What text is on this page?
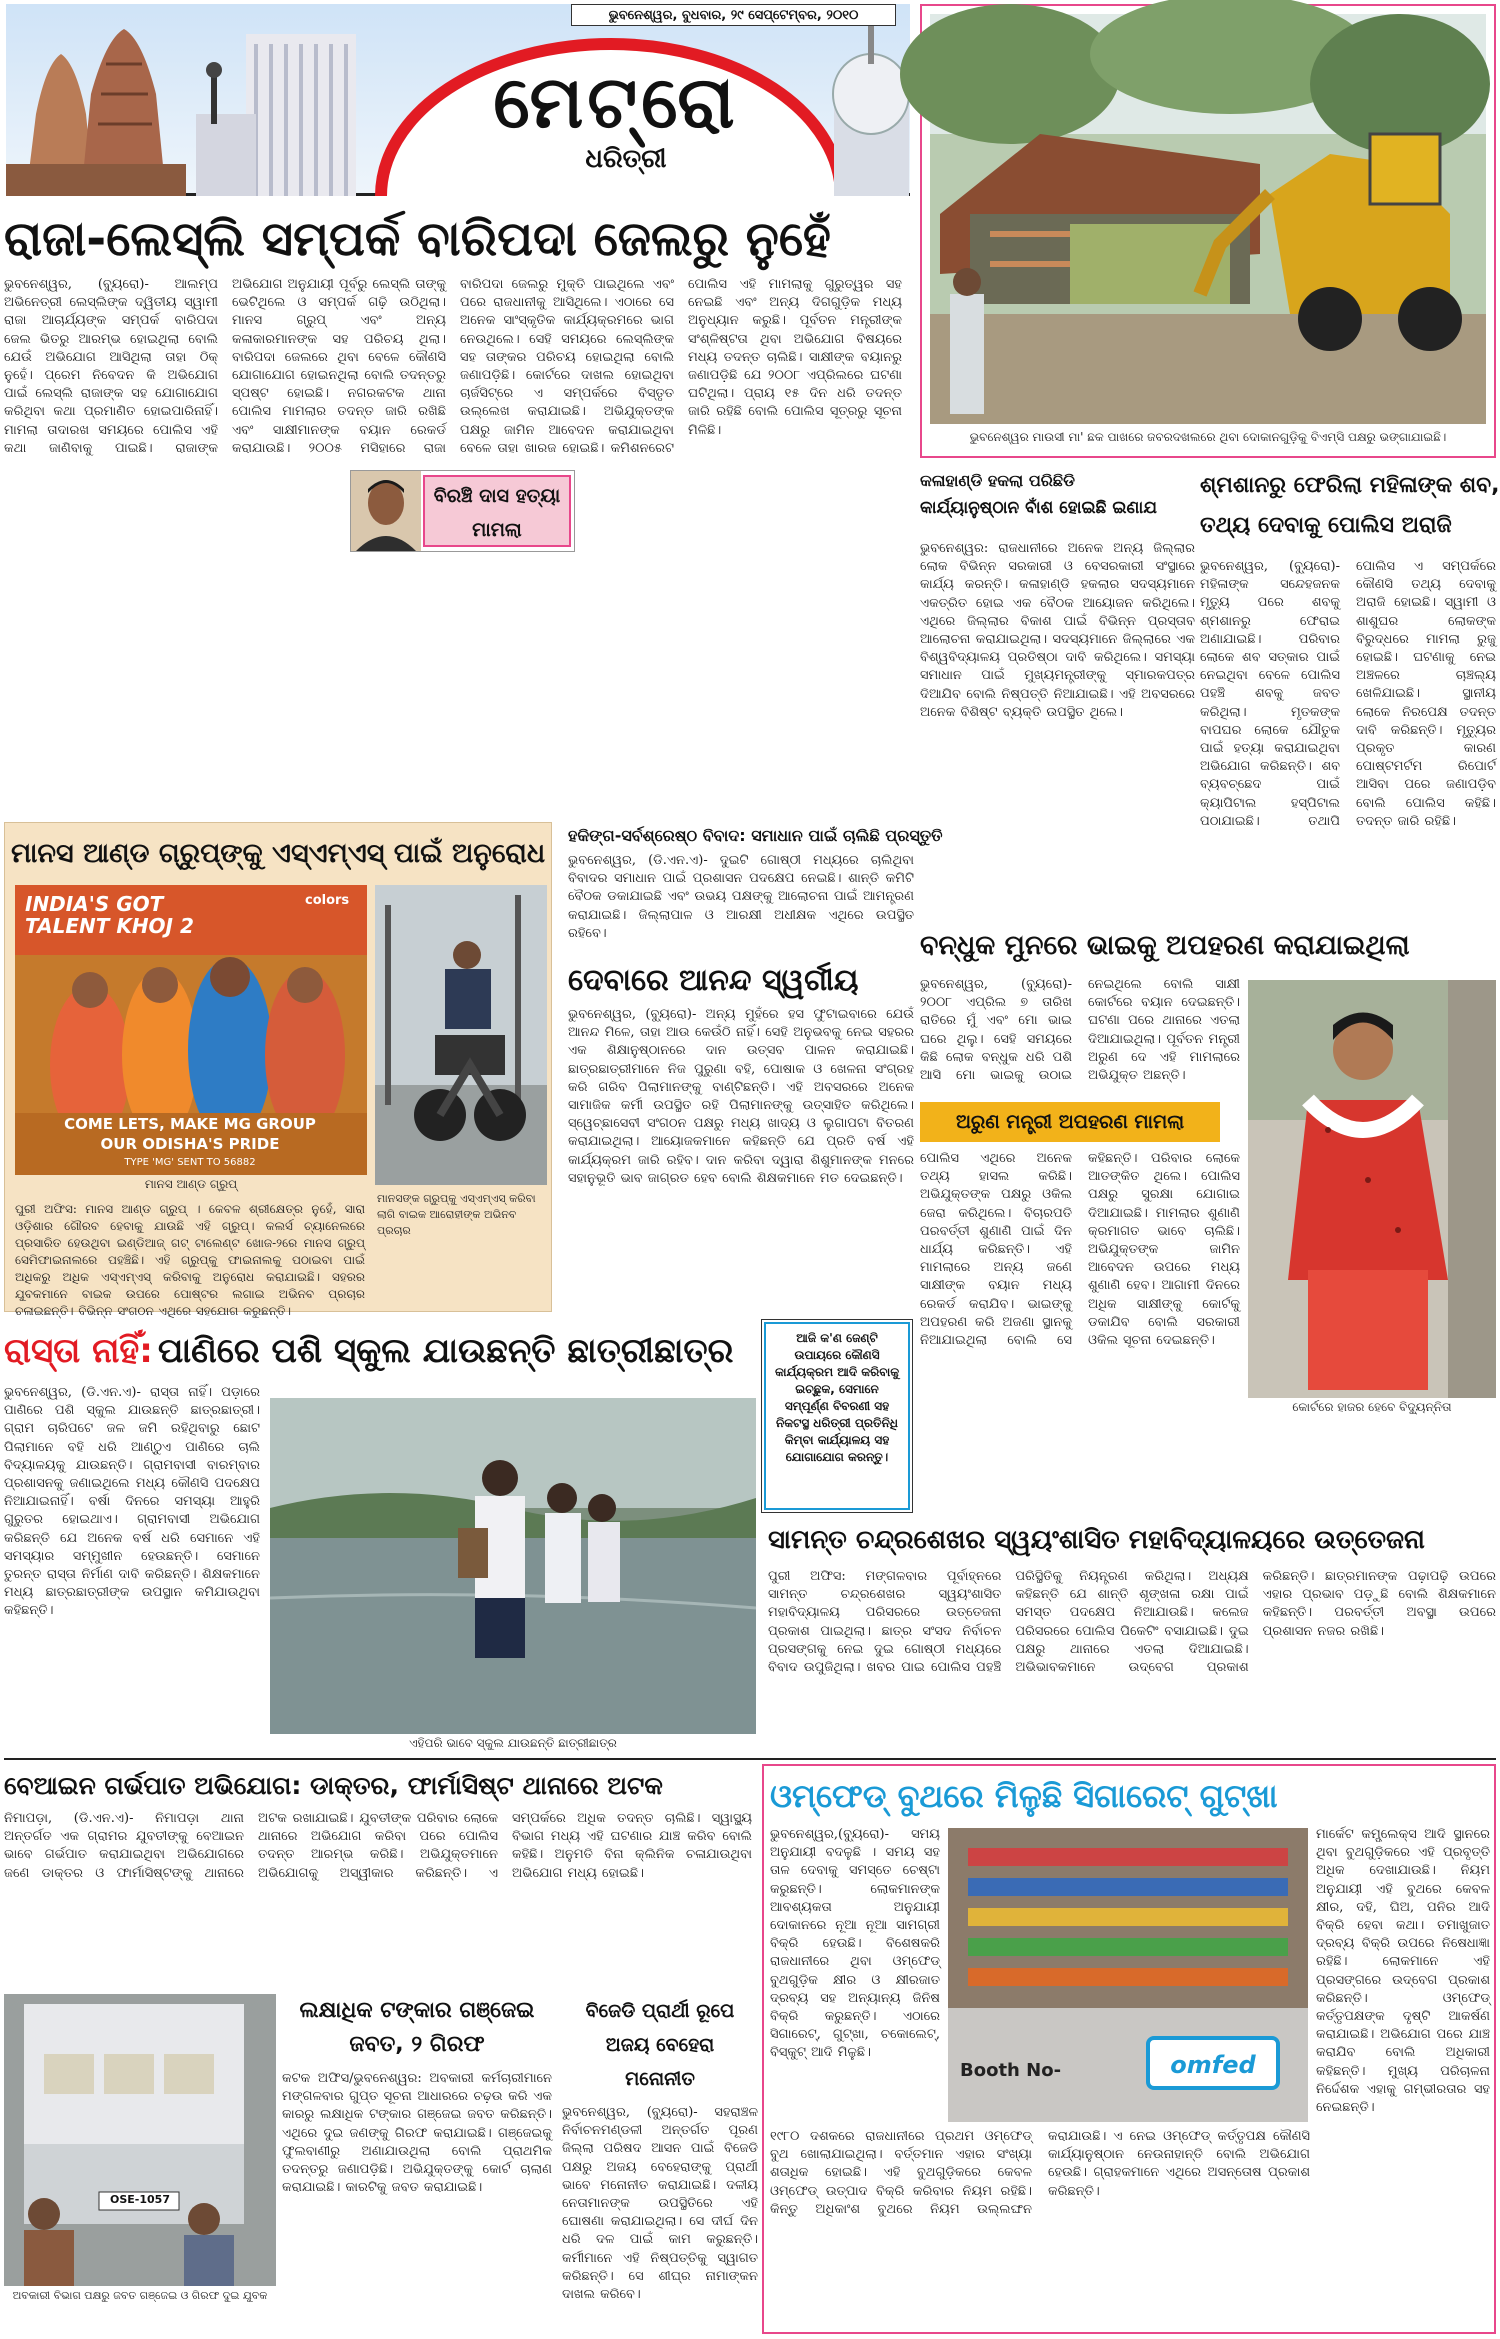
ଭୁବନେଶ୍ୱର, ବୁଧବାର, ୨୯ ସେପ୍ଟେମ୍ବର, ୨୦୧୦
ମେଟ୍ରୋ
ଧରିତ୍ରୀ
ରାଜା-ଲେସ୍‌ଲି ସମ୍ପର୍କ ବାରିପଦା ଜେଲରୁ ନୁହେଁ
ଭୁବନେଶ୍ୱର, (ବ୍ୟୁରୋ)- ଆଲମ୍ପ ଅଭିନେତ୍ରୀ ଲେସ୍‌ଲିଙ୍କ ଦ୍ୱିତୀୟ ସ୍ୱାମୀ ରାଜା ଆଚାର୍ଯ୍ୟଙ୍କ ସମ୍ପର୍କ ବାରିପଦା ଜେଲ ଭିତରୁ ଆରମ୍ଭ ହୋଇଥିଲା ବୋଲି ଯେଉଁ ଅଭିଯୋଗ ଆସିଥିଲା ତାହା ଠିକ୍ ନୁହେଁ। ପ୍ରେମ ନିବେଦନ କି ଅଭିଯୋଗ ପାଇଁ ଲେସ୍‌ଲି ରାଜାଙ୍କ ସହ ଯୋଗାଯୋଗ କରିଥିବା କଥା ପ୍ରମାଣିତ ହୋଇପାରିନାହିଁ। ମାମଲା ତାଦାରଖ ସମୟରେ ପୋଲିସ ଏହି କଥା ଜାଣିବାକୁ ପାଇଛି। ରାଜାଙ୍କ ଅଭିଯୋଗ ଅନୁଯାୟୀ ପୂର୍ବରୁ ଲେସ୍‌ଲି ତାଙ୍କୁ ଭେଟିଥିଲେ ଓ ସମ୍ପର୍କ ଗଢ଼ି ଉଠିଥିଲା। ମାନସ ଗ୍ରୁପ୍ ଏବଂ ଅନ୍ୟ କଳାକାରମାନଙ୍କ ସହ ପରିଚୟ ଥିଲା। ବାରିପଦା ଜେଲରେ ଥିବା ବେଳେ କୌଣସି ଯୋଗାଯୋଗ ହୋଇନଥିଲା ବୋଲି ତଦନ୍ତରୁ ସ୍ପଷ୍ଟ ହୋଇଛି। ନଗରକଟକ ଥାନା ପୋଲିସ ମାମଲାର ତଦନ୍ତ ଜାରି ରଖିଛି ଏବଂ ସାକ୍ଷୀମାନଙ୍କ ବୟାନ ରେକର୍ଡ କରାଯାଉଛି। ୨୦୦୫ ମସିହାରେ ରାଜା ବାରିପଦା ଜେଲରୁ ମୁକ୍ତି ପାଇଥିଲେ ଏବଂ ପରେ ରାଜଧାନୀକୁ ଆସିଥିଲେ। ଏଠାରେ ସେ ଅନେକ ସାଂସ୍କୃତିକ କାର୍ଯ୍ୟକ୍ରମରେ ଭାଗ ନେଉଥିଲେ। ସେହି ସମୟରେ ଲେସ୍‌ଲିଙ୍କ ସହ ତାଙ୍କର ପରିଚୟ ହୋଇଥିଲା ବୋଲି ଜଣାପଡ଼ିଛି। କୋର୍ଟରେ ଦାଖଲ ହୋଇଥିବା ଚାର୍ଜସିଟ୍‌ରେ ଏ ସମ୍ପର୍କରେ ବିସ୍ତୃତ ଉଲ୍ଲେଖ କରାଯାଇଛି। ଅଭିଯୁକ୍ତଙ୍କ ପକ୍ଷରୁ ଜାମିନ ଆବେଦନ କରାଯାଇଥିବା ବେଳେ ତାହା ଖାରଜ ହୋଇଛି। କମିଶନରେଟ ପୋଲିସ ଏହି ମାମଲାକୁ ଗୁରୁତ୍ୱର ସହ ନେଇଛି ଏବଂ ଅନ୍ୟ ଦିଗଗୁଡ଼ିକ ମଧ୍ୟ ଅନୁଧ୍ୟାନ କରୁଛି। ପୂର୍ବତନ ମନ୍ତ୍ରୀଙ୍କ ସଂଶ୍ଳିଷ୍ଟତା ଥିବା ଅଭିଯୋଗ ବିଷୟରେ ମଧ୍ୟ ତଦନ୍ତ ଚାଲିଛି। ସାକ୍ଷୀଙ୍କ ବୟାନରୁ ଜଣାପଡ଼ିଛି ଯେ ୨୦୦୮ ଏପ୍ରିଲରେ ଘଟଣା ଘଟିଥିଲା। ପ୍ରାୟ ୧୫ ଦିନ ଧରି ତଦନ୍ତ ଜାରି ରହିଛି ବୋଲି ପୋଲିସ ସୂତ୍ରରୁ ସୂଚନା ମିଳିଛି।
ବିରଞ୍ଚି ଦାସ ହତ୍ୟା ମାମଲା
ଭୁବନେଶ୍ୱର ମାଉସୀ ମା' ଛକ ପାଖରେ ଜବରଦଖଲରେ ଥିବା ଦୋକାନଗୁଡ଼ିକୁ ବିଏମ୍‌ସି ପକ୍ଷରୁ ଭଙ୍ଗାଯାଇଛି।
କଳାହାଣ୍ଡି ହକଲା ପରିଛିଡି
କାର୍ଯ୍ୟାନୁଷ୍ଠାନ ବାଁଶ ହୋଇଛି ଇଣାଯ
ଭୁବନେଶ୍ୱର: ରାଜଧାନୀରେ ଅନେକ ଅନ୍ୟ ଜିଲ୍ଲାର ଲୋକ ବିଭିନ୍ନ ସରକାରୀ ଓ ବେସରକାରୀ ସଂସ୍ଥାରେ କାର୍ଯ୍ୟ କରନ୍ତି। କଳାହାଣ୍ଡି ହକଲାର ସଦସ୍ୟମାନେ ଏକତ୍ରିତ ହୋଇ ଏକ ବୈଠକ ଆୟୋଜନ କରିଥିଲେ। ଏଥିରେ ଜିଲ୍ଲାର ବିକାଶ ପାଇଁ ବିଭିନ୍ନ ପ୍ରସ୍ତାବ ଆଲୋଚନା କରାଯାଇଥିଲା। ସଦସ୍ୟମାନେ ଜିଲ୍ଲାରେ ଏକ ବିଶ୍ୱବିଦ୍ୟାଳୟ ପ୍ରତିଷ୍ଠା ଦାବି କରିଥିଲେ। ସମସ୍ୟା ସମାଧାନ ପାଇଁ ମୁଖ୍ୟମନ୍ତ୍ରୀଙ୍କୁ ସ୍ମାରକପତ୍ର ଦିଆଯିବ ବୋଲି ନିଷ୍ପତ୍ତି ନିଆଯାଇଛି। ଏହି ଅବସରରେ ଅନେକ ବିଶିଷ୍ଟ ବ୍ୟକ୍ତି ଉପସ୍ଥିତ ଥିଲେ।
ଶ୍ମଶାନରୁ ଫେରିଲା ମହିଳାଙ୍କ ଶବ,
ତଥ୍ୟ ଦେବାକୁ ପୋଲିସ ଅରାଜି
ଭୁବନେଶ୍ୱର, (ବ୍ୟୁରୋ)- ମହିଳାଙ୍କ ସନ୍ଦେହଜନକ ମୃତ୍ୟୁ ପରେ ଶବକୁ ଶ୍ମଶାନରୁ ଫେରାଇ ଅଣାଯାଇଛି। ପରିବାର ଲୋକେ ଶବ ସତ୍କାର ପାଇଁ ନେଇଥିବା ବେଳେ ପୋଲିସ ପହଞ୍ଚି ଶବକୁ ଜବତ କରିଥିଲା। ମୃତକଙ୍କ ବାପଘର ଲୋକେ ଯୌତୁକ ପାଇଁ ହତ୍ୟା କରାଯାଇଥିବା ଅଭିଯୋଗ କରିଛନ୍ତି। ଶବ ବ୍ୟବଚ୍ଛେଦ ପାଇଁ କ୍ୟାପିଟାଲ ହସ୍ପିଟାଲ ପଠାଯାଇଛି। ତଥାପି ପୋଲିସ ଏ ସମ୍ପର୍କରେ କୌଣସି ତଥ୍ୟ ଦେବାକୁ ଅରାଜି ହୋଇଛି। ସ୍ୱାମୀ ଓ ଶାଶୁଘର ଲୋକଙ୍କ ବିରୁଦ୍ଧରେ ମାମଲା ରୁଜୁ ହୋଇଛି। ଘଟଣାକୁ ନେଇ ଅଞ୍ଚଳରେ ଚାଞ୍ଚଲ୍ୟ ଖେଳିଯାଇଛି। ସ୍ଥାନୀୟ ଲୋକେ ନିରପେକ୍ଷ ତଦନ୍ତ ଦାବି କରିଛନ୍ତି। ମୃତ୍ୟୁର ପ୍ରକୃତ କାରଣ ପୋଷ୍ଟମର୍ଟମ ରିପୋର୍ଟ ଆସିବା ପରେ ଜଣାପଡ଼ିବ ବୋଲି ପୋଲିସ କହିଛି। ତଦନ୍ତ ଜାରି ରହିଛି।
ମାନସ ଆଣ୍ଡ ଗ୍ରୁପ୍‌ଙ୍କୁ ଏସ୍‌ଏମ୍‌ଏସ୍ ପାଇଁ ଅନୁରୋଧ
INDIA'S GOT TALENT KHOJ 2
colors
COME LETS, MAKE MG GROUP
OUR ODISHA'S PRIDE
TYPE 'MG' SENT TO 56882
ମାନସ ଆଣ୍ଡ ଗ୍ରୁପ୍
ପୁରୀ ଅଫିସ: ମାନସ ଆଣ୍ଡ ଗ୍ରୁପ୍ । କେବଳ ଶ୍ରୀକ୍ଷେତ୍ର ନୁହେଁ, ସାରା ଓଡ଼ିଶାର ଗୌରବ ହେବାକୁ ଯାଉଛି ଏହି ଗ୍ରୁପ୍। କଲର୍ସ ଚ୍ୟାନେଲରେ ପ୍ରସାରିତ ହେଉଥିବା ଇଣ୍ଡିଆଜ୍ ଗଟ୍ ଟାଲେଣ୍ଟ ଖୋଜ-୨ରେ ମାନସ ଗ୍ରୁପ୍ ସେମିଫାଇନାଲରେ ପହଞ୍ଚିଛି। ଏହି ଗ୍ରୁପ୍‌କୁ ଫାଇନାଲକୁ ପଠାଇବା ପାଇଁ ଅଧିକରୁ ଅଧିକ ଏସ୍‌ଏମ୍‌ଏସ୍ କରିବାକୁ ଅନୁରୋଧ କରାଯାଇଛି। ସହରର ଯୁବକମାନେ ବାଇକ ଉପରେ ପୋଷ୍ଟର ଲଗାଇ ଅଭିନବ ପ୍ରଚାର ଚଳାଇଛନ୍ତି। ବିଭିନ୍ନ ସଂଗଠନ ଏଥିରେ ସହଯୋଗ କରୁଛନ୍ତି।
ମାନସଙ୍କ ଗ୍ରୁପ୍‌କୁ ଏସ୍‌ଏମ୍‌ଏସ୍ କରିବା ଲାଗି ବାଇକ ଆରୋହୀଙ୍କ ଅଭିନବ ପ୍ରଚାର
ହକିଙ୍ଗ-ସର୍ବଶ୍ରେଷ୍ଠ ବିବାଦ: ସମାଧାନ ପାଇଁ ଚାଲିଛି ପ୍ରସ୍ତୁତି
ଭୁବନେଶ୍ୱର, (ଡି.ଏନ.ଏ)- ଦୁଇଟି ଗୋଷ୍ଠୀ ମଧ୍ୟରେ ଚାଲିଥିବା ବିବାଦର ସମାଧାନ ପାଇଁ ପ୍ରଶାସନ ପଦକ୍ଷେପ ନେଇଛି। ଶାନ୍ତି କମିଟି ବୈଠକ ଡକାଯାଇଛି ଏବଂ ଉଭୟ ପକ୍ଷଙ୍କୁ ଆଲୋଚନା ପାଇଁ ଆମନ୍ତ୍ରଣ କରାଯାଇଛି। ଜିଲ୍ଲାପାଳ ଓ ଆରକ୍ଷୀ ଅଧୀକ୍ଷକ ଏଥିରେ ଉପସ୍ଥିତ ରହିବେ।
ଦେବାରେ ଆନନ୍ଦ ସ୍ୱର୍ଗୀୟ
ଭୁବନେଶ୍ୱର, (ବ୍ୟୁରୋ)- ଅନ୍ୟ ମୁହଁରେ ହସ ଫୁଟାଇବାରେ ଯେଉଁ ଆନନ୍ଦ ମିଳେ, ତାହା ଆଉ କେଉଁଠି ନାହିଁ। ସେହି ଅନୁଭବକୁ ନେଇ ସହରର ଏକ ଶିକ୍ଷାନୁଷ୍ଠାନରେ ଦାନ ଉତ୍ସବ ପାଳନ କରାଯାଇଛି। ଛାତ୍ରଛାତ୍ରୀମାନେ ନିଜ ପୁରୁଣା ବହି, ପୋଷାକ ଓ ଖେଳନା ସଂଗ୍ରହ କରି ଗରିବ ପିଲାମାନଙ୍କୁ ବାଣ୍ଟିଛନ୍ତି। ଏହି ଅବସରରେ ଅନେକ ସାମାଜିକ କର୍ମୀ ଉପସ୍ଥିତ ରହି ପିଲାମାନଙ୍କୁ ଉତ୍ସାହିତ କରିଥିଲେ। ସ୍ୱେଚ୍ଛାସେବୀ ସଂଗଠନ ପକ୍ଷରୁ ମଧ୍ୟ ଖାଦ୍ୟ ଓ ଲୁଗାପଟା ବିତରଣ କରାଯାଇଥିଲା। ଆୟୋଜକମାନେ କହିଛନ୍ତି ଯେ ପ୍ରତି ବର୍ଷ ଏହି କାର୍ଯ୍ୟକ୍ରମ ଜାରି ରହିବ। ଦାନ କରିବା ଦ୍ୱାରା ଶିଶୁମାନଙ୍କ ମନରେ ସହାନୁଭୂତି ଭାବ ଜାଗ୍ରତ ହେବ ବୋଲି ଶିକ୍ଷକମାନେ ମତ ଦେଇଛନ୍ତି।
ବନ୍ଧୁକ ମୁନରେ ଭାଇକୁ ଅପହରଣ କରାଯାଇଥିଲା
ଭୁବନେଶ୍ୱର, (ବ୍ୟୁରୋ)- ୨୦୦୮ ଏପ୍ରିଲ ୭ ତାରିଖ ରାତିରେ ମୁଁ ଏବଂ ମୋ ଭାଇ ଘରେ ଥିଲୁ। ସେହି ସମୟରେ କିଛି ଲୋକ ବନ୍ଧୁକ ଧରି ପଶି ଆସି ମୋ ଭାଇକୁ ଉଠାଇ ନେଇଥିଲେ ବୋଲି ସାକ୍ଷୀ କୋର୍ଟରେ ବୟାନ ଦେଇଛନ୍ତି। ଘଟଣା ପରେ ଥାନାରେ ଏତଲା ଦିଆଯାଇଥିଲା। ପୂର୍ବତନ ମନ୍ତ୍ରୀ ଅରୁଣ ଦେ ଏହି ମାମଲାରେ ଅଭିଯୁକ୍ତ ଅଛନ୍ତି।
ଅରୁଣ ମନ୍ତ୍ରୀ ଅପହରଣ ମାମଲା
ପୋଲିସ ଏଥିରେ ଅନେକ ତଥ୍ୟ ହାସଲ କରିଛି। ଅଭିଯୁକ୍ତଙ୍କ ପକ୍ଷରୁ ଓକିଲ ଜେରା କରିଥିଲେ। ବିଚାରପତି ପରବର୍ତ୍ତୀ ଶୁଣାଣି ପାଇଁ ଦିନ ଧାର୍ଯ୍ୟ କରିଛନ୍ତି। ଏହି ମାମଲାରେ ଅନ୍ୟ ଜଣେ ସାକ୍ଷୀଙ୍କ ବୟାନ ମଧ୍ୟ ରେକର୍ଡ କରାଯିବ। ଭାଇଙ୍କୁ ଅପହରଣ କରି ଅଜଣା ସ୍ଥାନକୁ ନିଆଯାଇଥିଲା ବୋଲି ସେ କହିଛନ୍ତି। ପରିବାର ଲୋକେ ଆତଙ୍କିତ ଥିଲେ। ପୋଲିସ ପକ୍ଷରୁ ସୁରକ୍ଷା ଯୋଗାଇ ଦିଆଯାଇଛି। ମାମଲାର ଶୁଣାଣି କ୍ରମାଗତ ଭାବେ ଚାଲିଛି। ଅଭିଯୁକ୍ତଙ୍କ ଜାମିନ ଆବେଦନ ଉପରେ ମଧ୍ୟ ଶୁଣାଣି ହେବ। ଆଗାମୀ ଦିନରେ ଅଧିକ ସାକ୍ଷୀଙ୍କୁ କୋର୍ଟକୁ ଡକାଯିବ ବୋଲି ସରକାରୀ ଓକିଲ ସୂଚନା ଦେଇଛନ୍ତି।
କୋର୍ଟରେ ହାଜର ହେବେ ବିଦ୍ୟୁନ୍ନିତା
ଆଜି କ'ଣ ଜେଣ୍ଟି ଉପାୟରେ କୌଣସି କାର୍ଯ୍ୟକ୍ରମ ଆଦି କରିବାକୁ ଇଚ୍ଛୁକ, ସେମାନେ ସମ୍ପୂର୍ଣ୍ଣ ବିବରଣୀ ସହ ନିକଟସ୍ଥ ଧରିତ୍ରୀ ପ୍ରତିନିଧି କିମ୍ବା କାର୍ଯ୍ୟାଳୟ ସହ ଯୋଗାଯୋଗ କରନ୍ତୁ।
ରାସ୍ତା ନାହିଁ: ପାଣିରେ ପଶି ସ୍କୁଲ ଯାଉଛନ୍ତି ଛାତ୍ରୀଛାତ୍ର
ଭୁବନେଶ୍ୱର, (ଡି.ଏନ.ଏ)- ରାସ୍ତା ନାହିଁ। ପଡ଼ାରେ ପାଣିରେ ପଶି ସ୍କୁଲ ଯାଉଛନ୍ତି ଛାତ୍ରଛାତ୍ରୀ। ଗ୍ରାମ ଚାରିପଟେ ଜଳ ଜମି ରହିଥିବାରୁ ଛୋଟ ପିଲାମାନେ ବହି ଧରି ଆଣ୍ଠୁଏ ପାଣିରେ ଚାଲି ବିଦ୍ୟାଳୟକୁ ଯାଉଛନ୍ତି। ଗ୍ରାମବାସୀ ବାରମ୍ବାର ପ୍ରଶାସନକୁ ଜଣାଇଥିଲେ ମଧ୍ୟ କୌଣସି ପଦକ୍ଷେପ ନିଆଯାଇନାହିଁ। ବର୍ଷା ଦିନରେ ସମସ୍ୟା ଆହୁରି ଗୁରୁତର ହୋଇଥାଏ। ଗ୍ରାମବାସୀ ଅଭିଯୋଗ କରିଛନ୍ତି ଯେ ଅନେକ ବର୍ଷ ଧରି ସେମାନେ ଏହି ସମସ୍ୟାର ସମ୍ମୁଖୀନ ହେଉଛନ୍ତି। ସେମାନେ ତୁରନ୍ତ ରାସ୍ତା ନିର୍ମାଣ ଦାବି କରିଛନ୍ତି। ଶିକ୍ଷକମାନେ ମଧ୍ୟ ଛାତ୍ରଛାତ୍ରୀଙ୍କ ଉପସ୍ଥାନ କମିଯାଉଥିବା କହିଛନ୍ତି।
ଏହିପରି ଭାବେ ସ୍କୁଲ ଯାଉଛନ୍ତି ଛାତ୍ରୀଛାତ୍ର
ସାମନ୍ତ ଚନ୍ଦ୍ରଶେଖର ସ୍ୱୟଂଶାସିତ ମହାବିଦ୍ୟାଳୟରେ ଉତ୍ତେଜନା
ପୁରୀ ଅଫିସ: ମଙ୍ଗଳବାର ପୂର୍ବାହ୍ନରେ ସାମନ୍ତ ଚନ୍ଦ୍ରଶେଖର ସ୍ୱୟଂଶାସିତ ମହାବିଦ୍ୟାଳୟ ପରିସରରେ ଉତ୍ତେଜନା ପ୍ରକାଶ ପାଇଥିଲା। ଛାତ୍ର ସଂସଦ ନିର୍ବାଚନ ପ୍ରସଙ୍ଗକୁ ନେଇ ଦୁଇ ଗୋଷ୍ଠୀ ମଧ୍ୟରେ ବିବାଦ ଉପୁଜିଥିଲା। ଖବର ପାଇ ପୋଲିସ ପହଞ୍ଚି ପରିସ୍ଥିତିକୁ ନିୟନ୍ତ୍ରଣ କରିଥିଲା। ଅଧ୍ୟକ୍ଷ କହିଛନ୍ତି ଯେ ଶାନ୍ତି ଶୃଙ୍ଖଳା ରକ୍ଷା ପାଇଁ ସମସ୍ତ ପଦକ୍ଷେପ ନିଆଯାଉଛି। କଲେଜ ପରିସରରେ ପୋଲିସ ପିକେଟିଂ ବସାଯାଇଛି। ଦୁଇ ପକ୍ଷରୁ ଥାନାରେ ଏତଲା ଦିଆଯାଇଛି। ଅଭିଭାବକମାନେ ଉଦ୍‌ବେଗ ପ୍ରକାଶ କରିଛନ୍ତି। ଛାତ୍ରମାନଙ୍କ ପଢ଼ାପଢ଼ି ଉପରେ ଏହାର ପ୍ରଭାବ ପଡ଼ୁଛି ବୋଲି ଶିକ୍ଷକମାନେ କହିଛନ୍ତି। ପରବର୍ତ୍ତୀ ଅବସ୍ଥା ଉପରେ ପ୍ରଶାସନ ନଜର ରଖିଛି।
ବେଆଇନ ଗର୍ଭପାତ ଅଭିଯୋଗ: ଡାକ୍ତର, ଫାର୍ମାସିଷ୍ଟ ଥାନାରେ ଅଟକ
ନିମାପଡ଼ା, (ଡି.ଏନ.ଏ)- ନିମାପଡ଼ା ଥାନା ଅନ୍ତର୍ଗତ ଏକ ଗ୍ରାମର ଯୁବତୀଙ୍କୁ ବେଆଇନ ଭାବେ ଗର୍ଭପାତ କରାଯାଇଥିବା ଅଭିଯୋଗରେ ଜଣେ ଡାକ୍ତର ଓ ଫାର୍ମାସିଷ୍ଟଙ୍କୁ ଥାନାରେ ଅଟକ ରଖାଯାଇଛି। ଯୁବତୀଙ୍କ ପରିବାର ଲୋକେ ଥାନାରେ ଅଭିଯୋଗ କରିବା ପରେ ପୋଲିସ ତଦନ୍ତ ଆରମ୍ଭ କରିଛି। ଅଭିଯୁକ୍ତମାନେ ଅଭିଯୋଗକୁ ଅସ୍ୱୀକାର କରିଛନ୍ତି। ଏ ସମ୍ପର୍କରେ ଅଧିକ ତଦନ୍ତ ଚାଲିଛି। ସ୍ୱାସ୍ଥ୍ୟ ବିଭାଗ ମଧ୍ୟ ଏହି ଘଟଣାର ଯାଞ୍ଚ କରିବ ବୋଲି କହିଛି। ଅନୁମତି ବିନା କ୍ଲିନିକ ଚଳାଯାଉଥିବା ଅଭିଯୋଗ ମଧ୍ୟ ହୋଇଛି।
OSE-1057
ଅବକାରୀ ବିଭାଗ ପକ୍ଷରୁ ଜବତ ଗଞ୍ଜେଇ ଓ ଗିରଫ ଦୁଇ ଯୁବକ
ଲକ୍ଷାଧିକ ଟଙ୍କାର ଗଞ୍ଜେଇ
ଜବତ, ୨ ଗିରଫ
କଟକ ଅଫିସ/ଭୁବନେଶ୍ୱର: ଅବକାରୀ କର୍ମଚାରୀମାନେ ମଙ୍ଗଳବାର ଗୁପ୍ତ ସୂଚନା ଆଧାରରେ ଚଢ଼ଉ କରି ଏକ କାରରୁ ଲକ୍ଷାଧିକ ଟଙ୍କାର ଗଞ୍ଜେଇ ଜବତ କରିଛନ୍ତି। ଏଥିରେ ଦୁଇ ଜଣଙ୍କୁ ଗିରଫ କରାଯାଇଛି। ଗଞ୍ଜେଇକୁ ଫୁଲବାଣୀରୁ ଅଣାଯାଉଥିଲା ବୋଲି ପ୍ରାଥମିକ ତଦନ୍ତରୁ ଜଣାପଡ଼ିଛି। ଅଭିଯୁକ୍ତଙ୍କୁ କୋର୍ଟ ଚାଲାଣ କରାଯାଇଛି। କାରଟିକୁ ଜବତ କରାଯାଇଛି।
ବିଜେଡି ପ୍ରାର୍ଥୀ ରୂପେ
ଅଜୟ ବେହେରା
ମନୋନୀତ
ଭୁବନେଶ୍ୱର, (ବ୍ୟୁରୋ)- ସହରାଞ୍ଚଳ ନିର୍ବାଚନମଣ୍ଡଳୀ ଅନ୍ତର୍ଗତ ପୂରଣ ଜିଲ୍ଲା ପରିଷଦ ଆସନ ପାଇଁ ବିଜେଡି ପକ୍ଷରୁ ଅଜୟ ବେହେରାଙ୍କୁ ପ୍ରାର୍ଥୀ ଭାବେ ମନୋନୀତ କରାଯାଇଛି। ଦଳୀୟ ନେତାମାନଙ୍କ ଉପସ୍ଥିତିରେ ଏହି ଘୋଷଣା କରାଯାଇଥିଲା। ସେ ଦୀର୍ଘ ଦିନ ଧରି ଦଳ ପାଇଁ କାମ କରୁଛନ୍ତି। କର୍ମୀମାନେ ଏହି ନିଷ୍ପତ୍ତିକୁ ସ୍ୱାଗତ କରିଛନ୍ତି। ସେ ଶୀଘ୍ର ନାମାଙ୍କନ ଦାଖଲ କରିବେ।
ଓମ୍‌ଫେଡ୍ ବୁଥରେ ମିଳୁଛି ସିଗାରେଟ୍ ଗୁଟ୍‌ଖା
ଭୁବନେଶ୍ୱର,(ବ୍ୟୁରୋ)- ସମୟ ଅନୁଯାୟୀ ବଦଳୁଛି । ସମୟ ସହ ତାଳ ଦେବାକୁ ସମସ୍ତେ ଚେଷ୍ଟା କରୁଛନ୍ତି। ଲୋକମାନଙ୍କ ଆବଶ୍ୟକତା ଅନୁଯାୟୀ ଦୋକାନରେ ନୂଆ ନୂଆ ସାମଗ୍ରୀ ବିକ୍ରି ହେଉଛି। ବିଶେଷକରି ରାଜଧାନୀରେ ଥିବା ଓମ୍‌ଫେଡ୍ ବୁଥଗୁଡ଼ିକ କ୍ଷୀର ଓ କ୍ଷୀରଜାତ ଦ୍ରବ୍ୟ ସହ ଅନ୍ୟାନ୍ୟ ଜିନିଷ ବିକ୍ରି କରୁଛନ୍ତି। ଏଠାରେ ସିଗାରେଟ୍, ଗୁଟ୍‌ଖା, ଚକୋଲେଟ୍, ବିସ୍କୁଟ୍ ଆଦି ମିଳୁଛି।
Booth No-	omfed
ମାର୍କେଟ କମ୍ପ୍ଲେକ୍ସ ଆଦି ସ୍ଥାନରେ ଥିବା ବୁଥଗୁଡ଼ିକରେ ଏହି ପ୍ରବୃତ୍ତି ଅଧିକ ଦେଖାଯାଉଛି। ନିୟମ ଅନୁଯାୟୀ ଏହି ବୁଥରେ କେବଳ କ୍ଷୀର, ଦହି, ଘିଅ, ପନିର ଆଦି ବିକ୍ରି ହେବା କଥା। ତମାଖୁଜାତ ଦ୍ରବ୍ୟ ବିକ୍ରି ଉପରେ ନିଷେଧାଜ୍ଞା ରହିଛି। ଲୋକମାନେ ଏହି ପ୍ରସଙ୍ଗରେ ଉଦ୍‌ବେଗ ପ୍ରକାଶ କରିଛନ୍ତି। ଓମ୍‌ଫେଡ୍ କର୍ତ୍ତୃପକ୍ଷଙ୍କ ଦୃଷ୍ଟି ଆକର୍ଷଣ କରାଯାଇଛି। ଅଭିଯୋଗ ପରେ ଯାଞ୍ଚ କରାଯିବ ବୋଲି ଅଧିକାରୀ କହିଛନ୍ତି। ମୁଖ୍ୟ ପରିଚାଳନା ନିର୍ଦ୍ଦେଶକ ଏହାକୁ ଗମ୍ଭୀରତାର ସହ ନେଇଛନ୍ତି।
୧୯୮୦ ଦଶକରେ ରାଜଧାନୀରେ ପ୍ରଥମ ଓମ୍‌ଫେଡ୍ ବୁଥ ଖୋଲାଯାଇଥିଲା। ବର୍ତ୍ତମାନ ଏହାର ସଂଖ୍ୟା ଶତାଧିକ ହୋଇଛି। ଏହି ବୁଥଗୁଡ଼ିକରେ କେବଳ ଓମ୍‌ଫେଡ୍ ଉତ୍ପାଦ ବିକ୍ରି କରିବାର ନିୟମ ରହିଛି। କିନ୍ତୁ ଅଧିକାଂଶ ବୁଥରେ ନିୟମ ଉଲ୍ଲଙ୍ଘନ କରାଯାଉଛି। ଏ ନେଇ ଓମ୍‌ଫେଡ୍ କର୍ତ୍ତୃପକ୍ଷ କୌଣସି କାର୍ଯ୍ୟାନୁଷ୍ଠାନ ନେଉନାହାନ୍ତି ବୋଲି ଅଭିଯୋଗ ହେଉଛି। ଗ୍ରାହକମାନେ ଏଥିରେ ଅସନ୍ତୋଷ ପ୍ରକାଶ କରିଛନ୍ତି।
